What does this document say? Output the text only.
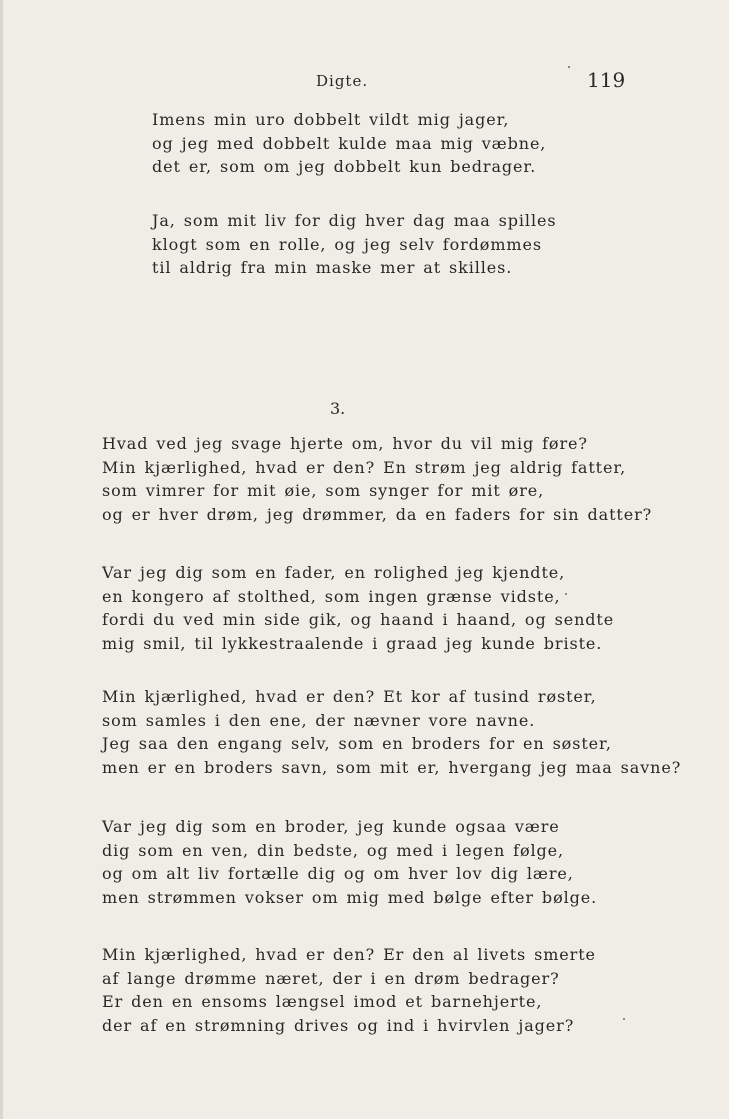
Digte.	119
Imens min uro dobbelt vildt mig jager,
og jeg med dobbelt kulde maa mig væbne,
det er, som om jeg dobbelt kun bedrager.
Ja, som mit liv for dig hver dag maa spilles
klogt som en rolle, og jeg selv fordømmes
til aldrig fra min maske mer at skilles.
3.
Hvad ved jeg svage hjerte om, hvor du vil mig føre?
Min kjærlighed, hvad er den? En strøm jeg aldrig fatter,
som vimrer for mit øie, som synger for mit øre,
og er hver drøm, jeg drømmer, da en faders for sin datter?
Var jeg dig som en fader, en rolighed jeg kjendte,
en kongero af stolthed, som ingen grænse vidste,
fordi du ved min side gik, og haand i haand, og sendte
mig smil, til lykkestraalende i graad jeg kunde briste.
Min kjærlighed, hvad er den? Et kor af tusind røster,
som samles i den ene, der nævner vore navne.
Jeg saa den engang selv, som en broders for en søster,
men er en broders savn, som mit er, hvergang jeg maa savne?
Var jeg dig som en broder, jeg kunde ogsaa være
dig som en ven, din bedste, og med i legen følge,
og om alt liv fortælle dig og om hver lov dig lære,
men strømmen vokser om mig med bølge efter bølge.
Min kjærlighed, hvad er den? Er den al livets smerte
af lange drømme næret, der i en drøm bedrager?
Er den en ensoms længsel imod et barnehjerte,
der af en strømning drives og ind i hvirvlen jager?
